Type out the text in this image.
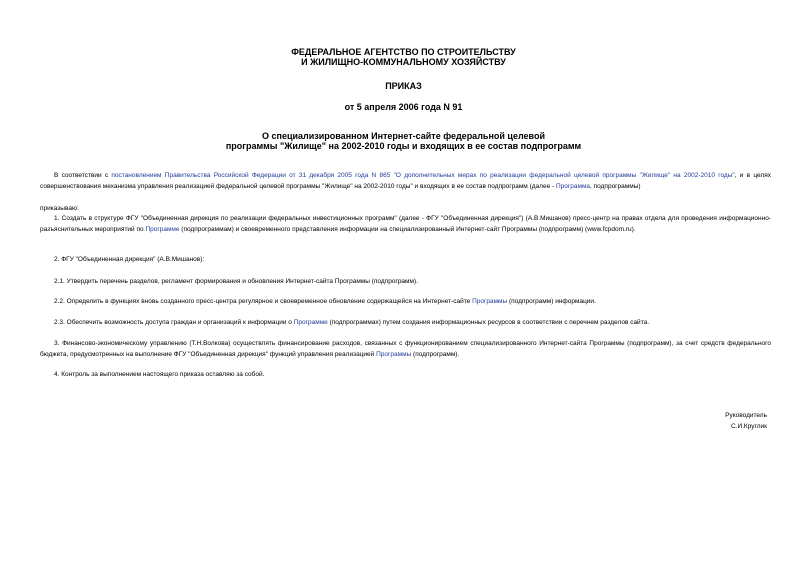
ФЕДЕРАЛЬНОЕ АГЕНТСТВО ПО СТРОИТЕЛЬСТВУ
И ЖИЛИЩНО-КОММУНАЛЬНОМУ ХОЗЯЙСТВУ
ПРИКАЗ
от 5 апреля 2006 года N 91
О специализированном Интернет-сайте федеральной целевой
программы "Жилище" на 2002-2010 годы и входящих в ее состав подпрограмм
В соответствии с постановлением Правительства Российской Федерации от 31 декабря 2005 года N 865 "О дополнительных мерах по реализации федеральной целевой программы "Жилище" на 2002-2010 годы", и в целях совершенствования механизма управления реализацией федеральной целевой программы "Жилище" на 2002-2010 годы" и входящих в ее состав подпрограмм (далее - Программа, подпрограммы)
приказываю:
1. Создать в структуре ФГУ "Объединенная дирекция по реализации федеральных инвестиционных программ" (далее - ФГУ "Объединенная дирекция") (А.В.Мишанов) пресс-центр на правах отдела для проведения информационно-разъяснительных мероприятий по Программе (подпрограммам) и своевременного представления информации на специализированный Интернет-сайт Программы (подпрограмм) (www.fcpdom.ru).
2. ФГУ "Объединенная дирекция" (А.В.Мишанов):
2.1. Утвердить перечень разделов, регламент формирования и обновления Интернет-сайта Программы (подпрограмм).
2.2. Определить в функциях вновь созданного пресс-центра регулярное и своевременное обновление содержащейся на Интернет-сайте Программы (подпрограмм) информации.
2.3. Обеспечить возможность доступа граждан и организаций к информации о Программе (подпрограммах) путем создания информационных ресурсов в соответствии с перечнем разделов сайта.
3. Финансово-экономическому управлению (Т.Н.Волкова) осуществлять финансирование расходов, связанных с функционированием специализированного Интернет-сайта Программы (подпрограмм), за счет средств федерального бюджета, предусмотренных на выполнение ФГУ "Объединенная дирекция" функций управления реализацией Программы (подпрограмм).
4. Контроль за выполнением настоящего приказа оставляю за собой.
Руководитель
С.И.Круглик
